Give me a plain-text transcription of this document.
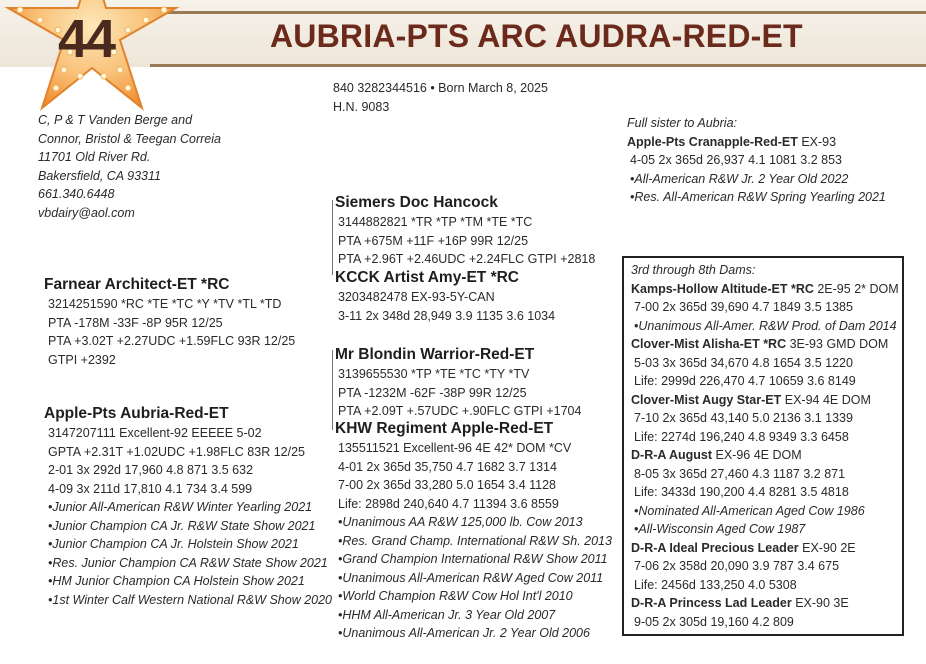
44	AUBRIA-PTS ARC AUDRA-RED-ET
840 3282344516 • Born March 8, 2025
H.N. 9083
C, P & T Vanden Berge and
Connor, Bristol & Teegan Correia
11701 Old River Rd.
Bakersfield, CA 93311
661.340.6448
vbdairy@aol.com
Farnear Architect-ET *RC
3214251590 *RC *TE *TC *Y *TV *TL *TD
PTA -178M -33F -8P 95R 12/25
PTA +3.02T +2.27UDC +1.59FLC 93R 12/25
GTPI +2392
Apple-Pts Aubria-Red-ET
3147207111 Excellent-92 EEEEE 5-02
GPTA +2.31T +1.02UDC +1.98FLC 83R 12/25
2-01 3x 292d 17,960 4.8 871 3.5 632
4-09 3x 211d 17,810 4.1 734 3.4 599
•Junior All-American R&W Winter Yearling 2021
•Junior Champion CA Jr. R&W State Show 2021
•Junior Champion CA Jr. Holstein Show 2021
•Res. Junior Champion CA R&W State Show 2021
•HM Junior Champion CA Holstein Show 2021
•1st Winter Calf Western National R&W Show 2020
Siemers Doc Hancock
3144882821 *TR *TP *TM *TE *TC
PTA +675M +11F +16P 99R 12/25
PTA +2.96T +2.46UDC +2.24FLC GTPI +2818
KCCK Artist Amy-ET *RC
3203482478 EX-93-5Y-CAN
3-11 2x 348d 28,949 3.9 1135 3.6 1034
Mr Blondin Warrior-Red-ET
3139655530 *TP *TE *TC *TY *TV
PTA -1232M -62F -38P 99R 12/25
PTA +2.09T +.57UDC +.90FLC GTPI +1704
KHW Regiment Apple-Red-ET
135511521 Excellent-96 4E 42* DOM *CV
4-01 2x 365d 35,750 4.7 1682 3.7 1314
7-00 2x 365d 33,280 5.0 1654 3.4 1128
Life: 2898d 240,640 4.7 11394 3.6 8559
•Unanimous AA R&W 125,000 lb. Cow 2013
•Res. Grand Champ. International R&W Sh. 2013
•Grand Champion International R&W Show 2011
•Unanimous All-American R&W Aged Cow 2011
•World Champion R&W Cow Hol Int'l 2010
•HHM All-American Jr. 3 Year Old 2007
•Unanimous All-American Jr. 2 Year Old 2006
Full sister to Aubria:
Apple-Pts Cranapple-Red-ET EX-93
4-05 2x 365d 26,937 4.1 1081 3.2 853
•All-American R&W Jr. 2 Year Old 2022
•Res. All-American R&W Spring Yearling 2021
3rd through 8th Dams:
Kamps-Hollow Altitude-ET *RC 2E-95 2* DOM
7-00 2x 365d 39,690 4.7 1849 3.5 1385
•Unanimous All-Amer. R&W Prod. of Dam 2014
Clover-Mist Alisha-ET *RC 3E-93 GMD DOM
5-03 3x 365d 34,670 4.8 1654 3.5 1220
Life: 2999d 226,470 4.7 10659 3.6 8149
Clover-Mist Augy Star-ET EX-94 4E DOM
7-10 2x 365d 43,140 5.0 2136 3.1 1339
Life: 2274d 196,240 4.8 9349 3.3 6458
D-R-A August EX-96 4E DOM
8-05 3x 365d 27,460 4.3 1187 3.2 871
Life: 3433d 190,200 4.4 8281 3.5 4818
•Nominated All-American Aged Cow 1986
•All-Wisconsin Aged Cow 1987
D-R-A Ideal Precious Leader EX-90 2E
7-06 2x 358d 20,090 3.9 787 3.4 675
Life: 2456d 133,250 4.0 5308
D-R-A Princess Lad Leader EX-90 3E
9-05 2x 305d 19,160 4.2 809
